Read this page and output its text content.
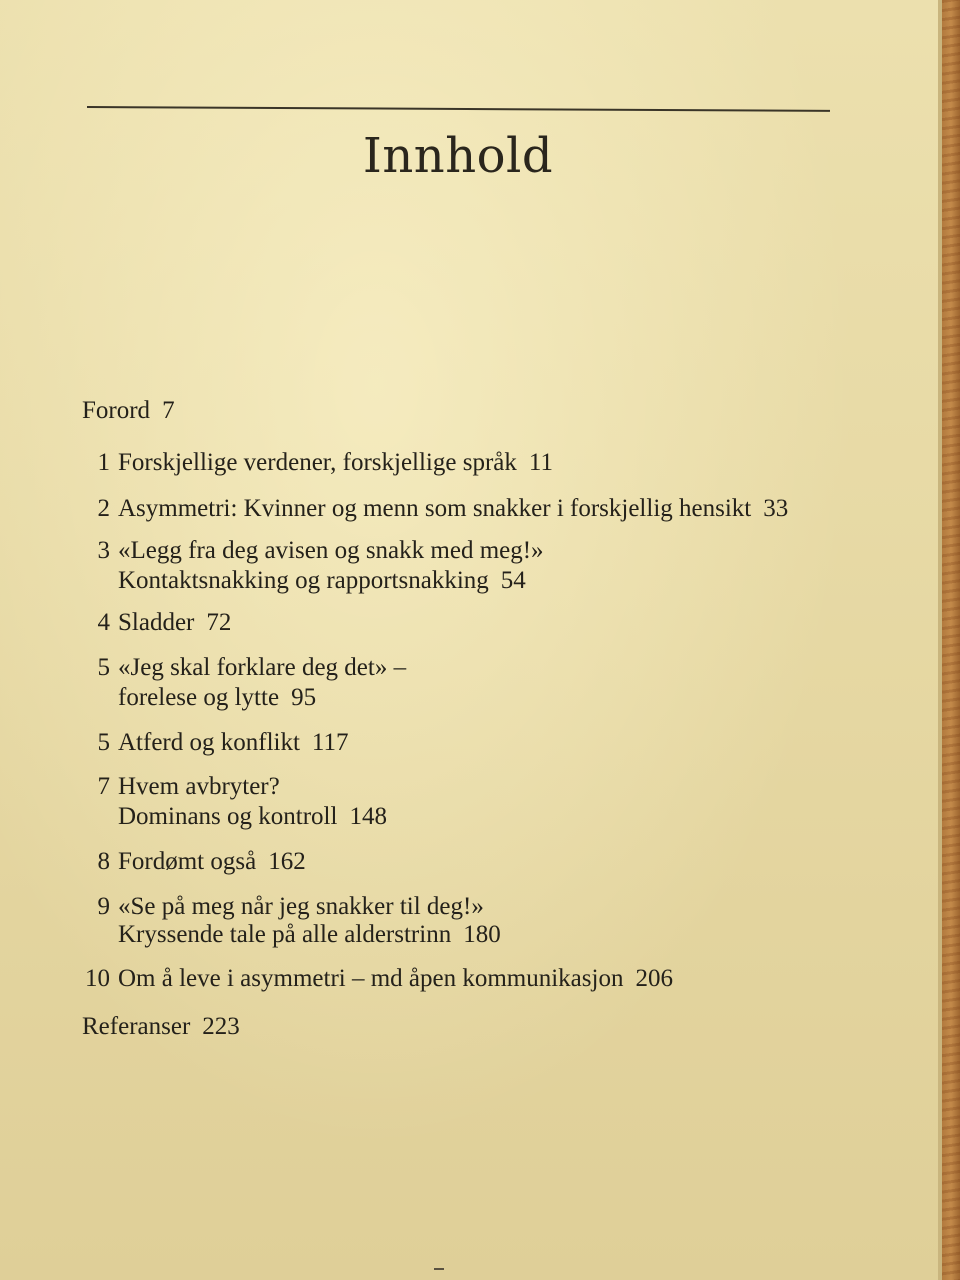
Innhold
Forord 7
1 Forskjellige verdener, forskjellige språk 11
2 Asymmetri: Kvinner og menn som snakker i forskjellig hensikt 33
3 «Legg fra deg avisen og snakk med meg!»
Kontaktsnakking og rapportsnakking 54
4 Sladder 72
5 «Jeg skal forklare deg det» –
forelese og lytte 95
5 Atferd og konflikt 117
7 Hvem avbryter?
Dominans og kontroll 148
8 Fordømt også 162
9 «Se på meg når jeg snakker til deg!»
Kryssende tale på alle alderstrinn 180
10 Om å leve i asymmetri – md åpen kommunikasjon 206
Referanser 223
